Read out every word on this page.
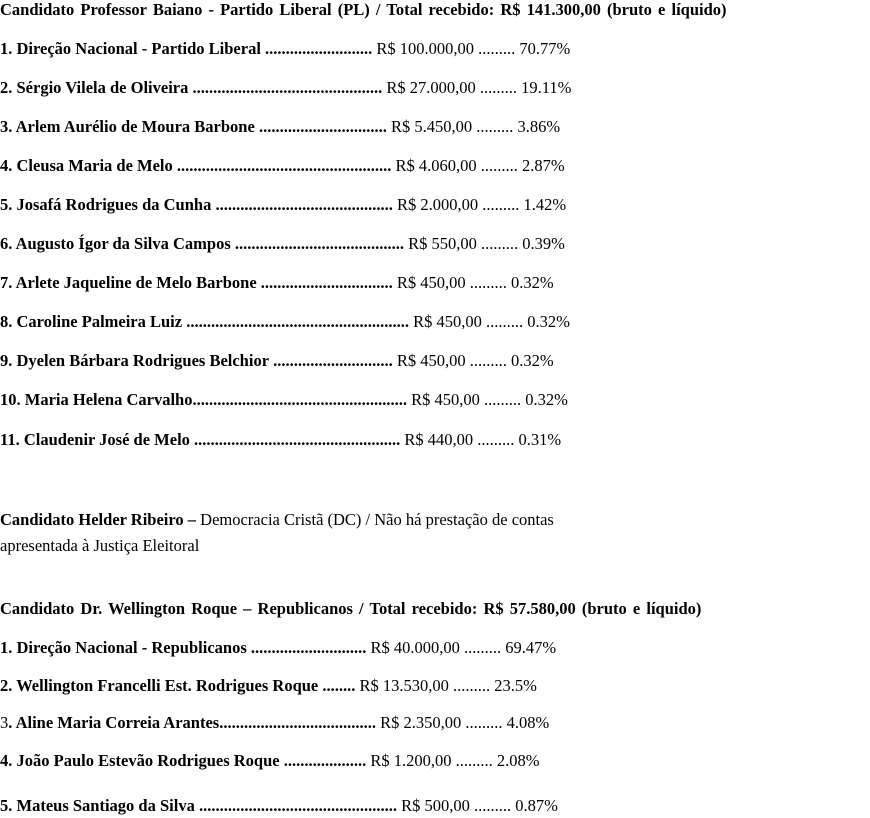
Candidato Professor Baiano - Partido Liberal (PL) / Total recebido: R$ 141.300,00 (bruto e líquido)
1. Direção Nacional - Partido Liberal .......................... R$ 100.000,00 ......... 70.77%
2. Sérgio Vilela de Oliveira .............................................. R$ 27.000,00 ......... 19.11%
3. Arlem Aurélio de Moura Barbone ............................... R$ 5.450,00 ......... 3.86%
4. Cleusa Maria de Melo .................................................... R$ 4.060,00 ......... 2.87%
5. Josafá Rodrigues da Cunha ........................................... R$ 2.000,00 ......... 1.42%
6. Augusto Ígor da Silva Campos ......................................... R$ 550,00 ......... 0.39%
7. Arlete Jaqueline de Melo Barbone ................................ R$ 450,00 ......... 0.32%
8. Caroline Palmeira Luiz ...................................................... R$ 450,00 ......... 0.32%
9. Dyelen Bárbara Rodrigues Belchior ............................. R$ 450,00 ......... 0.32%
10. Maria Helena Carvalho.................................................... R$ 450,00 ......... 0.32%
11. Claudenir José de Melo .................................................. R$ 440,00 ......... 0.31%
Candidato Helder Ribeiro – Democracia Cristã (DC) / Não há prestação de contas
apresentada à Justiça Eleitoral
Candidato Dr. Wellington Roque – Republicanos / Total recebido: R$ 57.580,00 (bruto e líquido)
1. Direção Nacional - Republicanos ............................ R$ 40.000,00 ......... 69.47%
2. Wellington Francelli Est. Rodrigues Roque ........ R$ 13.530,00 ......... 23.5%
3. Aline Maria Correia Arantes...................................... R$ 2.350,00 ......... 4.08%
4. João Paulo Estevão Rodrigues Roque .................... R$ 1.200,00 ......... 2.08%
5. Mateus Santiago da Silva ................................................ R$ 500,00 ......... 0.87%
